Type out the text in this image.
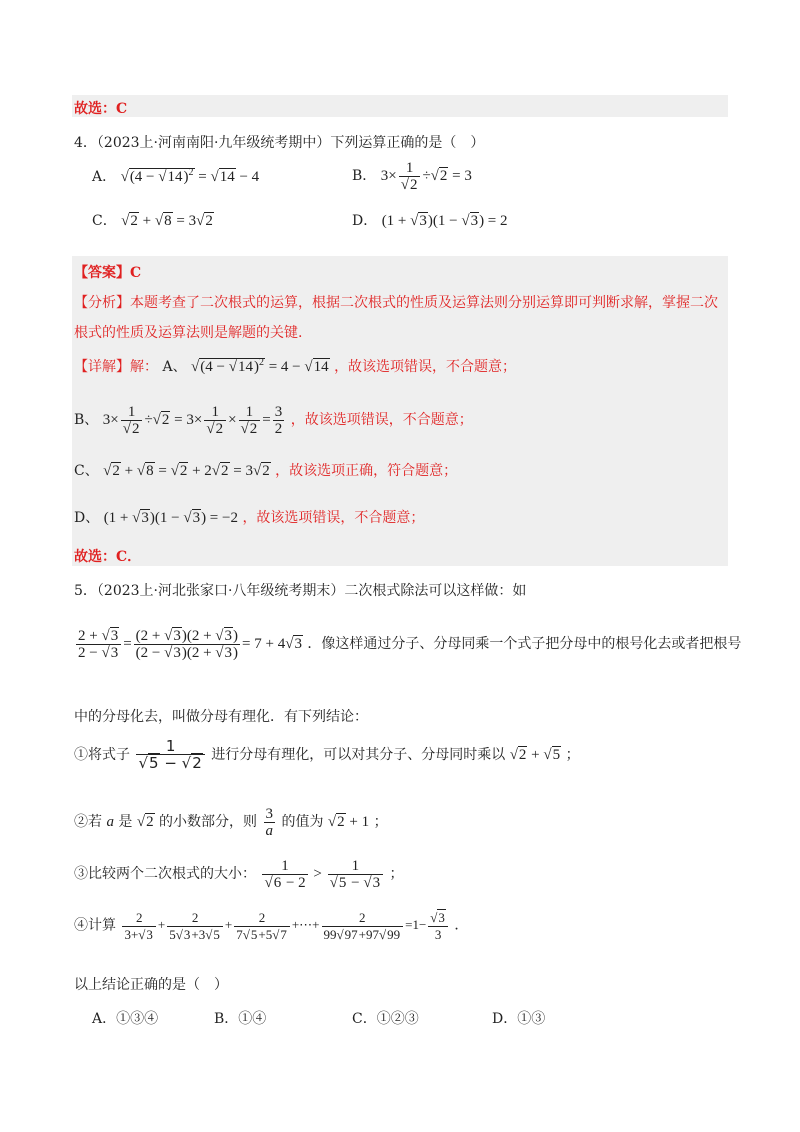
故选：C
4．（2023上·河南南阳·九年级统考期中）下列运算正确的是（　）
A． $√(4 - √14)^2 = √14 - 4$	B． $3\times \frac{1}{√2} \div√2 = 3$
C． √2 + √8 = 3√2	D． (1 + √3)(1 − √3) = 2
【答案】C
【分析】本题考查了二次根式的运算，根据二次根式的性质及运算法则分别运算即可判断求解，掌握二次
根式的性质及运算法则是解题的关键.
【详解】解： A、 $√(4 - √14)^2 = 4 - √14$ ，故该选项错误，不合题意；
B、 $3\times \frac{1}{√2} \div√2 = 3\times \frac{1}{√2} \times \frac{1}{√2} = \frac{3}{2}$ ，故该选项错误，不合题意；
C、 √2 + √8 = √2 + 2√2 = 3√2 ，故该选项正确，符合题意；
D、 (1 + √3)(1 − √3) = −2 ，故该选项错误，不合题意；
故选：C．
5．（2023上·河北张家口·八年级统考期末）二次根式除法可以这样做：如
$\frac{2 + √3}{2 - √3} = \frac{(2 + √3)(2 + √3)}{(2 - √3)(2 + √3)} = 7 + 4√3$ ．像这样通过分子、分母同乘一个式子把分母中的根号化去或者把根号
中的分母化去，叫做分母有理化．有下列结论：
①将式子 $\frac{1}{√5 - √2}$ 进行分母有理化，可以对其分子、分母同时乘以 √2 + √5 ；
②若 a 是 √2 的小数部分，则 $\frac{3}{a}$ 的值为 √2 + 1 ；
③比较两个二次根式的大小： $\frac{1}{√6 - 2} > \frac{1}{√5 - √3}$ ；
④计算 $\frac{2}{3+√3} + \frac{2}{5√3+3√5} + \frac{2}{7√5+5√7}$ +⋯+ $\frac{2}{99√97+97√99} =1- \frac{√3}{3}$ ．
以上结论正确的是（　）
A．①③④	B．①④	C．①②③	D．①③
